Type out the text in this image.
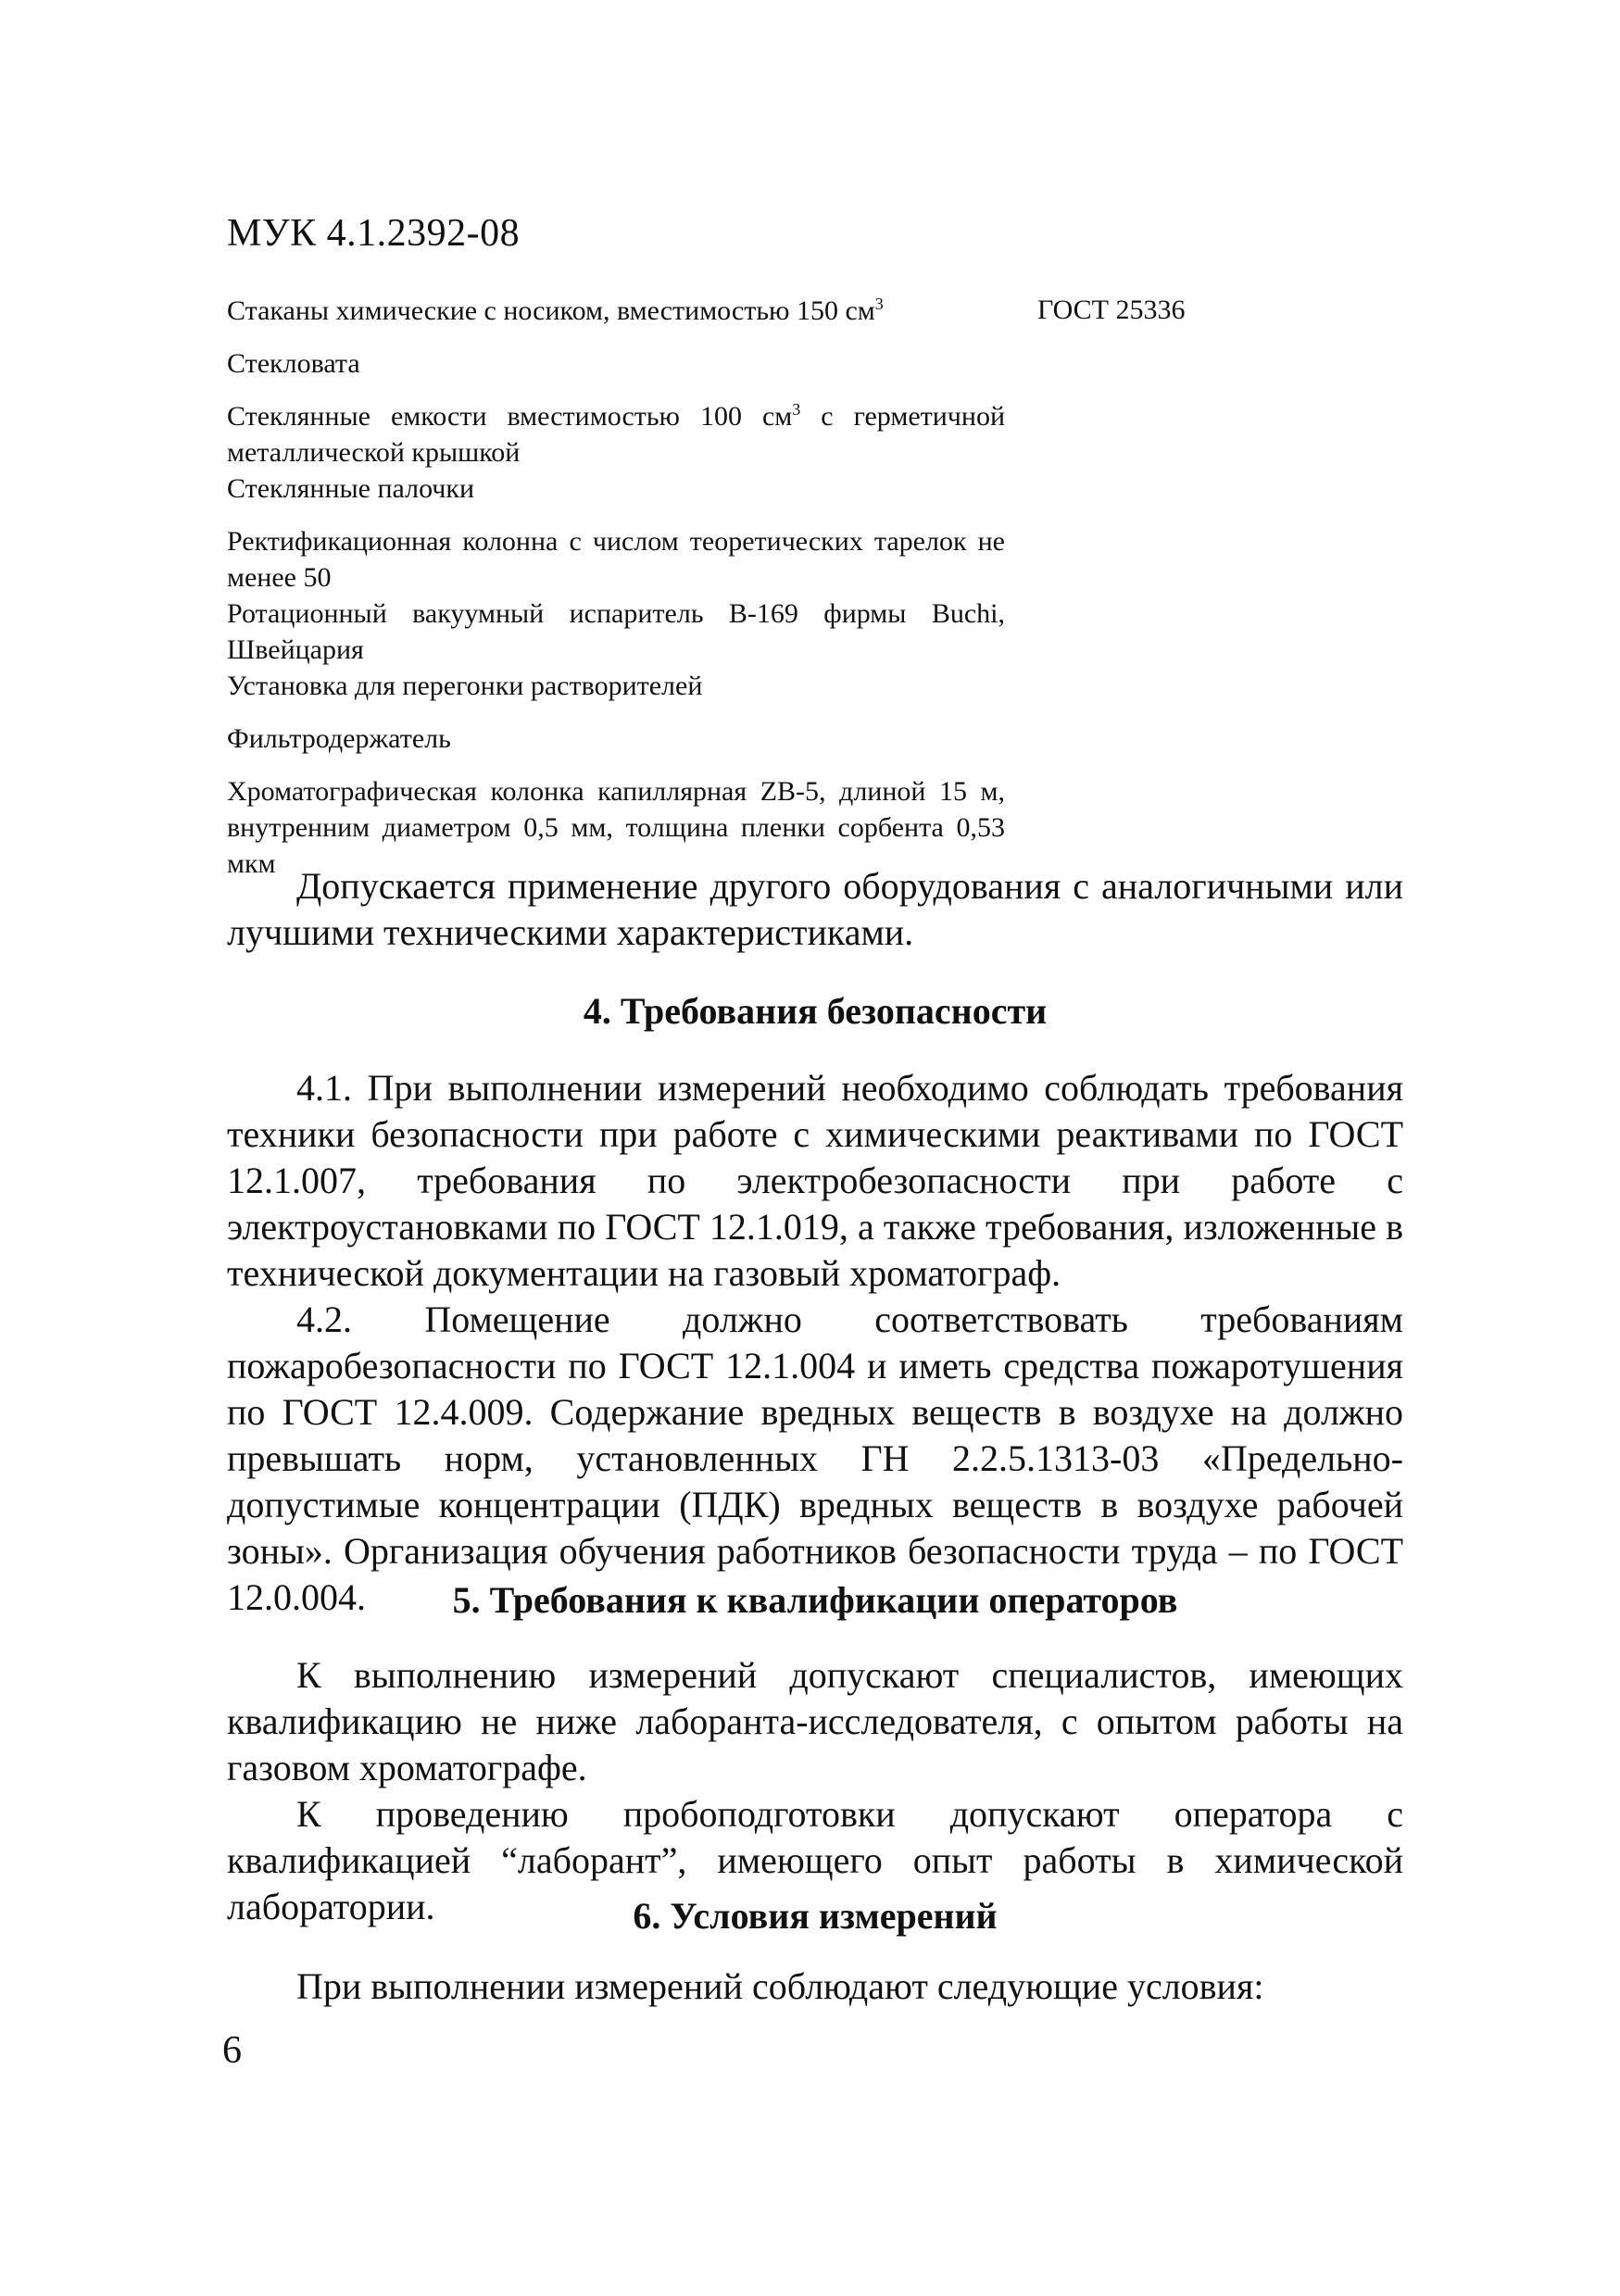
МУК 4.1.2392-08

Стаканы химические с носиком, вместимостью 150 $см^3$

Стекловата

Стеклянные емкости вместимостью 100 $см^3$ с герметичной металлической крышкой

Стеклянные палочки

Ректификационная колонна с числом теоретических тарелок не менее 50

Ротационный вакуумный испаритель В-169 фирмы Buchi, Швейцария

Установка для перегонки растворителей

Фильтродержатель

Хроматографическая колонка капиллярная ZB-5, длиной 15 м, внутренним диаметром 0,5 мм, толщина пленки сорбента 0,53 мкм

ГОСТ 25336

Допускается применение другого оборудования с аналогичными или лучшими техническими характеристиками.

4. Требования безопасности

4.1. При выполнении измерений необходимо соблюдать требования техники безопасности при работе с химическими реактивами по ГОСТ 12.1.007, требования по электробезопасности при работе с электроустановками по ГОСТ 12.1.019, а также требования, изложенные в технической документации на газовый хроматограф.

4.2. Помещение должно соответствовать требованиям пожаробезопасности по ГОСТ 12.1.004 и иметь средства пожаротушения по ГОСТ 12.4.009. Содержание вредных веществ в воздухе на должно превышать норм, установленных ГН 2.2.5.1313-03 «Предельно-допустимые концентрации (ПДК) вредных веществ в воздухе рабочей зоны». Организация обучения работников безопасности труда – по ГОСТ 12.0.004.	5. Требования к квалификации операторов

К выполнению измерений допускают специалистов, имеющих квалификацию не ниже лаборанта-исследователя, с опытом работы на газовом хроматографе.

К проведению пробоподготовки допускают оператора с квалификацией “лаборант”, имеющего опыт работы в химической лаборатории.	6. Условия измерений

При выполнении измерений соблюдают следующие условия:

6
